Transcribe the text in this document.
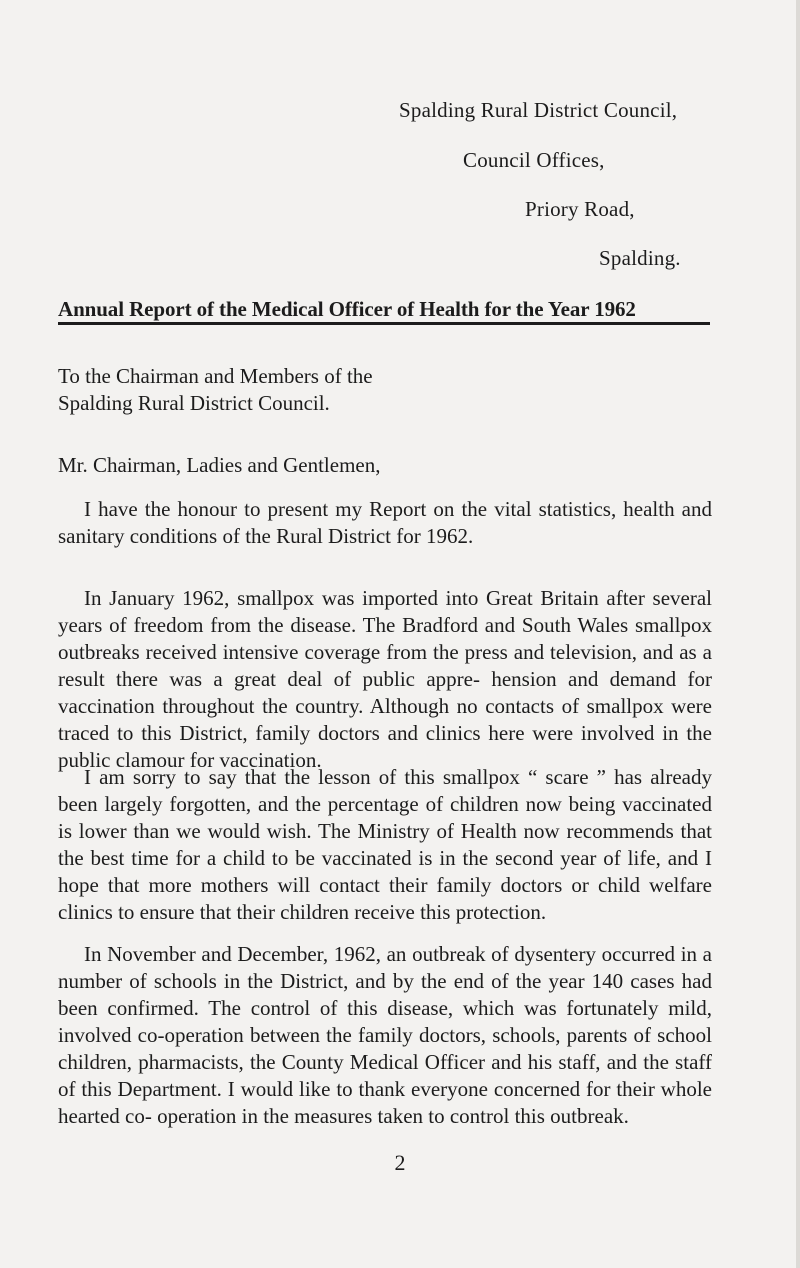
Spalding Rural District Council,
Council Offices,
Priory Road,
Spalding.
Annual Report of the Medical Officer of Health for the Year 1962
To the Chairman and Members of the
Spalding Rural District Council.
Mr. Chairman, Ladies and Gentlemen,

I have the honour to present my Report on the vital statistics, health and sanitary conditions of the Rural District for 1962.

In January 1962, smallpox was imported into Great Britain after several years of freedom from the disease. The Bradford and South Wales smallpox outbreaks received intensive coverage from the press and television, and as a result there was a great deal of public appre- hension and demand for vaccination throughout the country. Although no contacts of smallpox were traced to this District, family doctors and clinics here were involved in the public clamour for vaccination.

I am sorry to say that the lesson of this smallpox “ scare ” has already been largely forgotten, and the percentage of children now being vaccinated is lower than we would wish. The Ministry of Health now recommends that the best time for a child to be vaccinated is in the second year of life, and I hope that more mothers will contact their family doctors or child welfare clinics to ensure that their children receive this protection.

In November and December, 1962, an outbreak of dysentery occurred in a number of schools in the District, and by the end of the year 140 cases had been confirmed. The control of this disease, which was fortunately mild, involved co-operation between the family doctors, schools, parents of school children, pharmacists, the County Medical Officer and his staff, and the staff of this Department. I would like to thank everyone concerned for their whole hearted co- operation in the measures taken to control this outbreak.

2
